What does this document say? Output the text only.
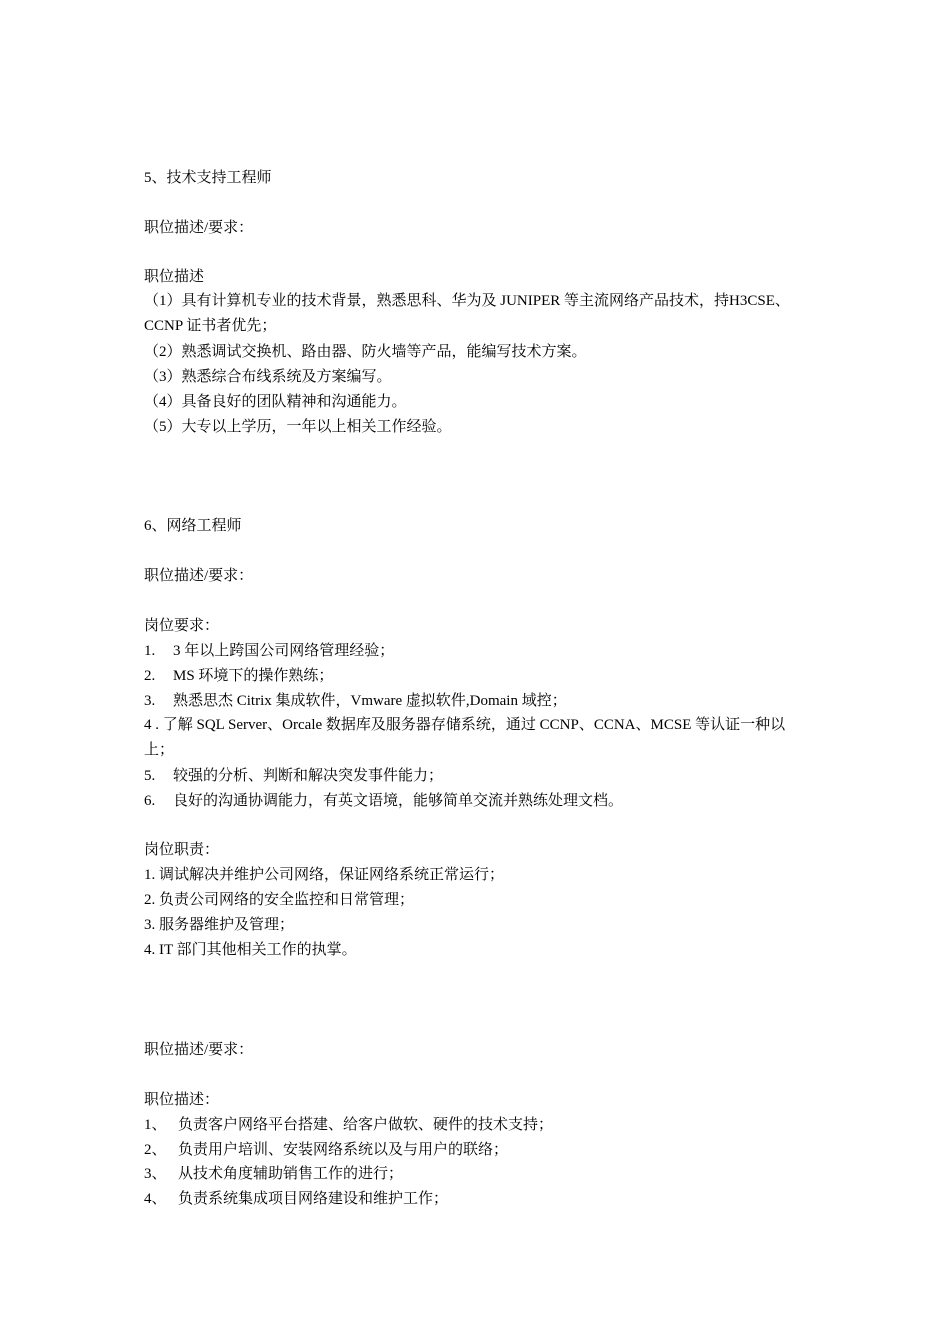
5、技术支持工程师

职位描述/要求：

职位描述

（1）具有计算机专业的技术背景，熟悉思科、华为及 JUNIPER 等主流网络产品技术，持H3CSE、CCNP 证书者优先；

（2）熟悉调试交换机、路由器、防火墙等产品，能编写技术方案。

（3）熟悉综合布线系统及方案编写。

（4）具备良好的团队精神和沟通能力。

（5）大专以上学历，一年以上相关工作经验。

6、网络工程师

职位描述/要求：

岗位要求：

1. 3 年以上跨国公司网络管理经验；

2. MS 环境下的操作熟练；

3. 熟悉思杰 Citrix 集成软件，Vmware 虚拟软件,Domain 域控；

4 . 了解 SQL Server、Orcale 数据库及服务器存储系统，通过 CCNP、CCNA、MCSE 等认证一种以上；

5. 较强的分析、判断和解决突发事件能力；

6. 良好的沟通协调能力，有英文语境，能够简单交流并熟练处理文档。

岗位职责：

1. 调试解决并维护公司网络，保证网络系统正常运行；

2. 负责公司网络的安全监控和日常管理；

3. 服务器维护及管理；

4. IT 部门其他相关工作的执掌。

职位描述/要求：

职位描述：

1、 负责客户网络平台搭建、给客户做软、硬件的技术支持；

2、 负责用户培训、安装网络系统以及与用户的联络；

3、 从技术角度辅助销售工作的进行；

4、 负责系统集成项目网络建设和维护工作；
